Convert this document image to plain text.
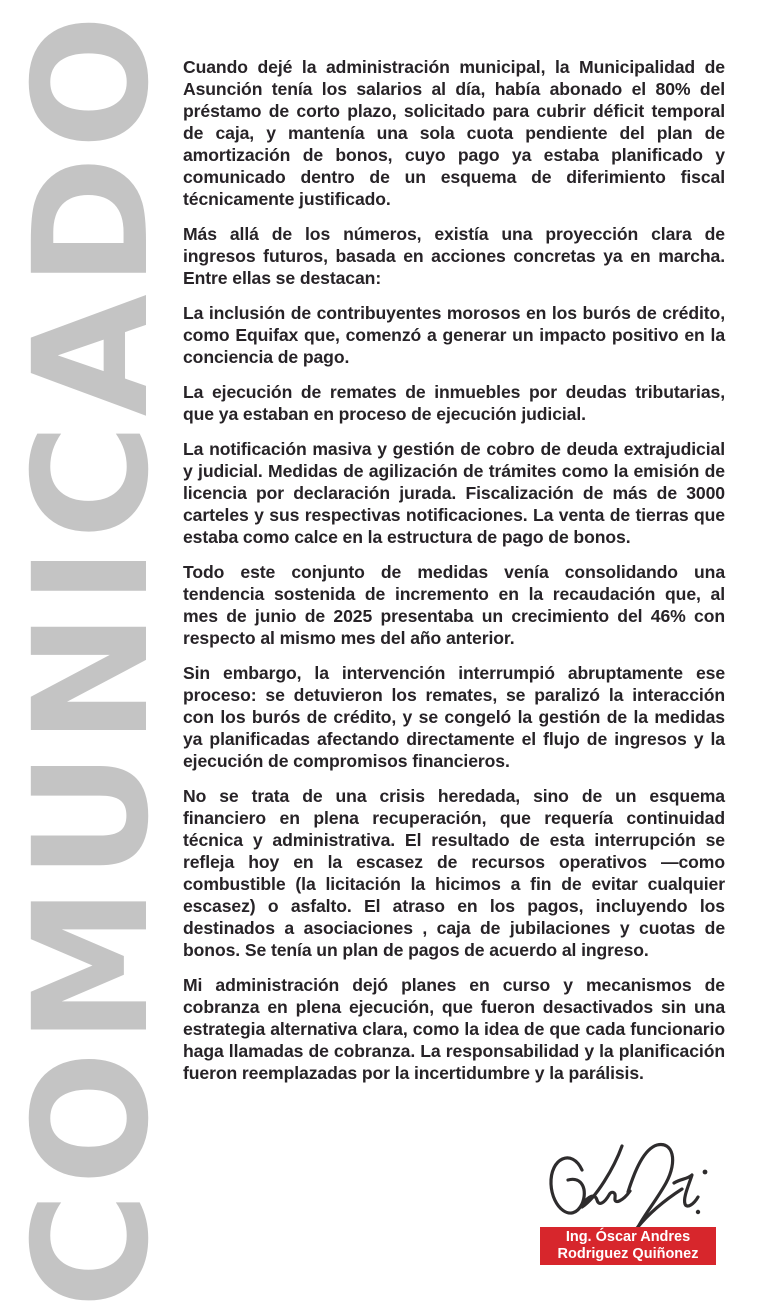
COMUNICADO Cuando dejé la administración municipal, la Municipalidad de Asunción tenía los salarios al día, había abonado el 80% del préstamo de corto plazo, solicitado para cubrir déficit temporal de caja, y mantenía una sola cuota pendiente del plan de amortización de bonos, cuyo pago ya estaba planificado y comunicado dentro de un esquema de diferimiento fiscal técnicamente justificado.

Más allá de los números, existía una proyección clara de ingresos futuros, basada en acciones concretas ya en marcha. Entre ellas se destacan:

La inclusión de contribuyentes morosos en los burós de crédito, como Equifax que, comenzó a generar un impacto positivo en la conciencia de pago.

La ejecución de remates de inmuebles por deudas tributarias, que ya estaban en proceso de ejecución judicial.

La notificación masiva y gestión de cobro de deuda extrajudicial y judicial. Medidas de agilización de trámites como la emisión de licencia por declaración jurada. Fiscalización de más de 3000 carteles y sus respectivas notificaciones. La venta de tierras que estaba como calce en la estructura de pago de bonos.

Todo este conjunto de medidas venía consolidando una tendencia sostenida de incremento en la recaudación que, al mes de junio de 2025 presentaba un crecimiento del 46% con respecto al mismo mes del año anterior.

Sin embargo, la intervención interrumpió abruptamente ese proceso: se detuvieron los remates, se paralizó la interacción con los burós de crédito, y se congeló la gestión de la medidas ya planificadas afectando directamente el flujo de ingresos y la ejecución de compromisos financieros.

No se trata de una crisis heredada, sino de un esquema financiero en plena recuperación, que requería continuidad técnica y administrativa. El resultado de esta interrupción se refleja hoy en la escasez de recursos operativos —como combustible (la licitación la hicimos a fin de evitar cualquier escasez) o asfalto. El atraso en los pagos, incluyendo los destinados a asociaciones , caja de jubilaciones y cuotas de bonos. Se tenía un plan de pagos de acuerdo al ingreso.

Mi administración dejó planes en curso y mecanismos de cobranza en plena ejecución, que fueron desactivados sin una estrategia alternativa clara, como la idea de que cada funcionario haga llamadas de cobranza. La responsabilidad y la planificación fueron reemplazadas por la incertidumbre y la parálisis.

Ing. Óscar Andres
Rodriguez Quiñonez
